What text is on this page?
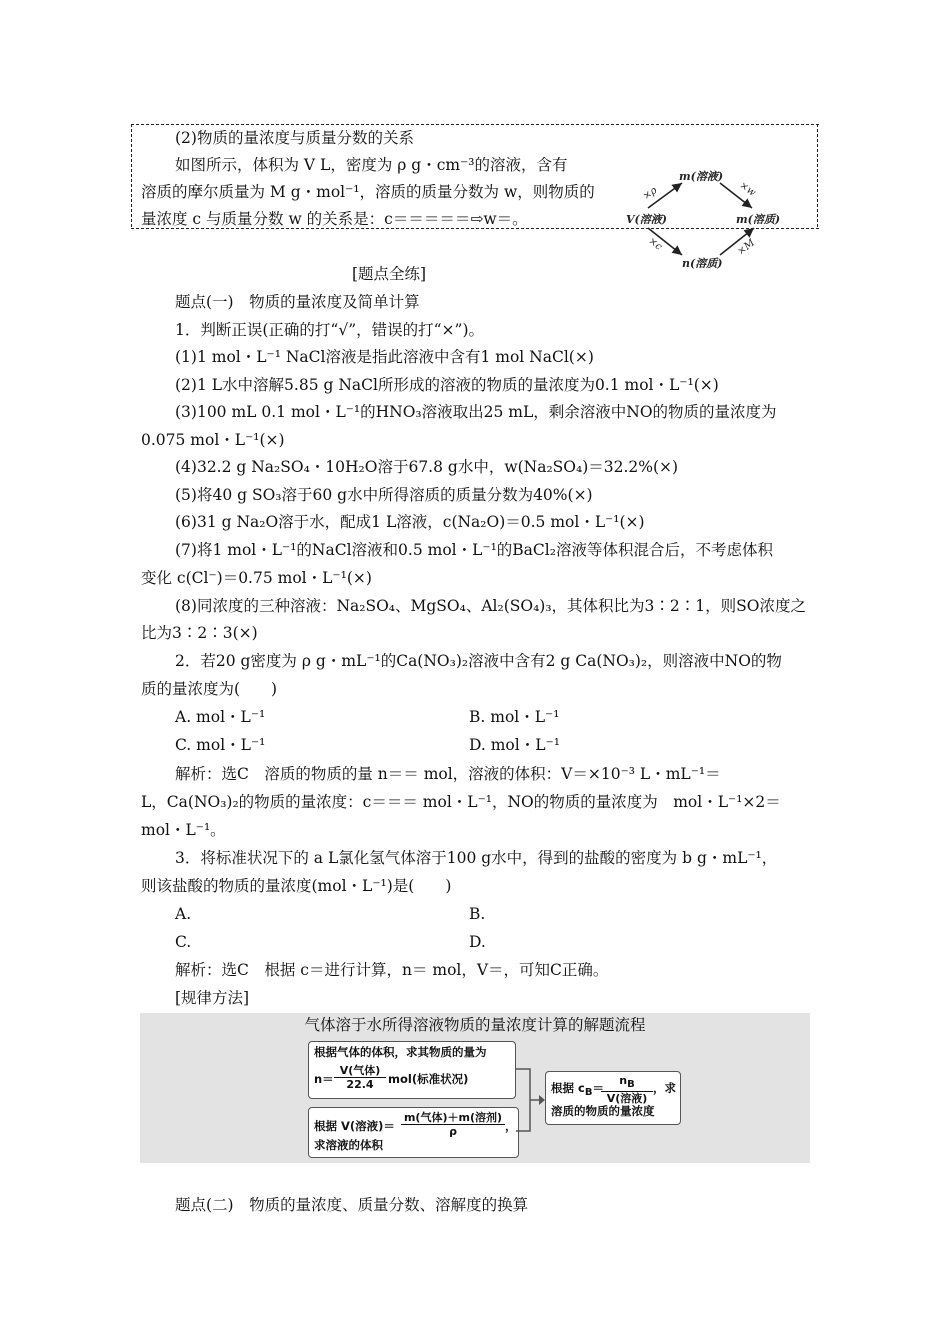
(2)物质的量浓度与质量分数的关系
如图所示，体积为 V L，密度为 ρ g・cm⁻³的溶液，含有
溶质的摩尔质量为 M g・mol⁻¹，溶质的质量分数为 w，则物质的
量浓度 c 与质量分数 w 的关系是：c＝＝＝＝＝⇨w＝。
m(溶液)
V(溶液)	m(溶质)
n(溶质)
×ρ	×w
×c	×M
[题点全练]
题点(一)　物质的量浓度及简单计算
1．判断正误(正确的打“√”，错误的打“×”)。
(1)1 mol・L⁻¹ NaCl溶液是指此溶液中含有1 mol NaCl(×)
(2)1 L水中溶解5.85 g NaCl所形成的溶液的物质的量浓度为0.1 mol・L⁻¹(×)
(3)100 mL 0.1 mol・L⁻¹的HNO₃溶液取出25 mL，剩余溶液中NO的物质的量浓度为
0.075 mol・L⁻¹(×)
(4)32.2 g Na₂SO₄・10H₂O溶于67.8 g水中，w(Na₂SO₄)＝32.2%(×)
(5)将40 g SO₃溶于60 g水中所得溶质的质量分数为40%(×)
(6)31 g Na₂O溶于水，配成1 L溶液，c(Na₂O)＝0.5 mol・L⁻¹(×)
(7)将1 mol・L⁻¹的NaCl溶液和0.5 mol・L⁻¹的BaCl₂溶液等体积混合后，不考虑体积
变化 c(Cl⁻)＝0.75 mol・L⁻¹(×)
(8)同浓度的三种溶液：Na₂SO₄、MgSO₄、Al₂(SO₄)₃，其体积比为3∶2∶1，则SO浓度之
比为3∶2∶3(×)
2．若20 g密度为 ρ g・mL⁻¹的Ca(NO₃)₂溶液中含有2 g Ca(NO₃)₂，则溶液中NO的物
质的量浓度为(　　)
A. mol・L⁻¹	B. mol・L⁻¹
C. mol・L⁻¹	D. mol・L⁻¹
解析：选C　溶质的物质的量 n＝＝ mol，溶液的体积：V＝×10⁻³ L・mL⁻¹＝
L，Ca(NO₃)₂的物质的量浓度：c＝＝＝ mol・L⁻¹，NO的物质的量浓度为　mol・L⁻¹×2＝
mol・L⁻¹。
3．将标准状况下的 a L氯化氢气体溶于100 g水中，得到的盐酸的密度为 b g・mL⁻¹，
则该盐酸的物质的量浓度(mol・L⁻¹)是(　　)
A.	B.
C.	D.
解析：选C　根据 c＝进行计算，n＝ mol，V＝，可知C正确。
[规律方法]
气体溶于水所得溶液物质的量浓度计算的解题流程
根据气体的体积，求其物质的量为
n＝
V(气体)
22.4	mol(标准状况)
根据 V(溶液)＝
m(气体)＋m(溶剂)
ρ	，
求溶液的体积
根据 cB＝
nB
V(溶液)
，求
溶质的物质的量浓度
题点(二)　物质的量浓度、质量分数、溶解度的换算
